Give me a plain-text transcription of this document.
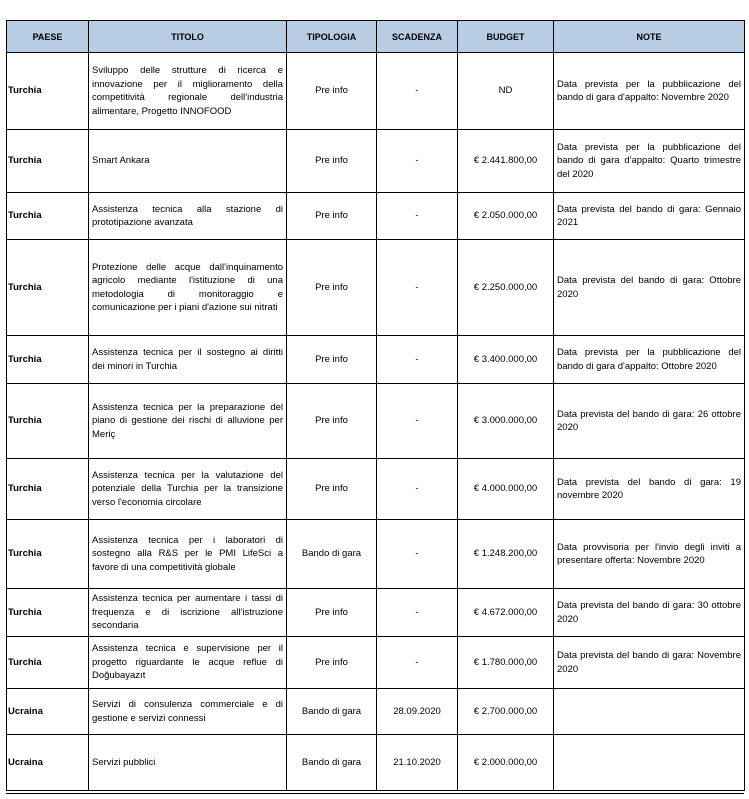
PAESE	TITOLO	TIPOLOGIA	SCADENZA	BUDGET	NOTE
Turchia	Sviluppo delle strutture di ricerca e innovazione per il miglioramento della competitività regionale dell'industria alimentare, Progetto INNOFOOD	Pre info	-	ND	Data prevista per la pubblicazione del bando di gara d'appalto: Novembre 2020
Turchia	Smart Ankara	Pre info	-	€ 2.441.800,00	Data prevista per la pubblicazione del bando di gara d'appalto: Quarto trimestre del 2020
Turchia	Assistenza tecnica alla stazione di prototipazione avanzata	Pre info	-	€ 2.050.000,00	Data prevista del bando di gara: Gennaio 2021
Turchia	Protezione delle acque dall'inquinamento agricolo mediante l'istituzione di una metodologia di monitoraggio e comunicazione per i piani d'azione sui nitrati	Pre info	-	€ 2.250.000,00	Data prevista del bando di gara: Ottobre 2020
Turchia	Assistenza tecnica per il sostegno ai diritti dei minori in Turchia	Pre info	-	€ 3.400.000,00	Data prevista per la pubblicazione del bando di gara d'appalto: Ottobre 2020
Turchia	Assistenza tecnica per la preparazione del piano di gestione dei rischi di alluvione per Meriç	Pre info	-	€ 3.000.000,00	Data prevista del bando di gara: 26 ottobre 2020
Turchia	Assistenza tecnica per la valutazione del potenziale della Turchia per la transizione verso l'economia circolare	Pre info	-	€ 4.000.000,00	Data prevista del bando di gara: 19 novembre 2020
Turchia	Assistenza tecnica per i laboratori di sostegno alla R&S per le PMI LifeSci a favore di una competitività globale	Bando di gara	-	€ 1.248.200,00	Data provvisoria per l'invio degli inviti a presentare offerta: Novembre 2020
Turchia	Assistenza tecnica per aumentare i tassi di frequenza e di iscrizione all'istruzione secondaria	Pre info	-	€ 4.672.000,00	Data prevista del bando di gara: 30 ottobre 2020
Turchia	Assistenza tecnica e supervisione per il progetto riguardante le acque reflue di Doğubayazıt	Pre info	-	€ 1.780.000,00	Data prevista del bando di gara: Novembre 2020
Ucraina	Servizi di consulenza commerciale e di gestione e servizi connessi	Bando di gara	28.09.2020	€ 2.700.000,00	
Ucraina	Servizi pubblici	Bando di gara	21.10.2020	€ 2.000.000,00	
